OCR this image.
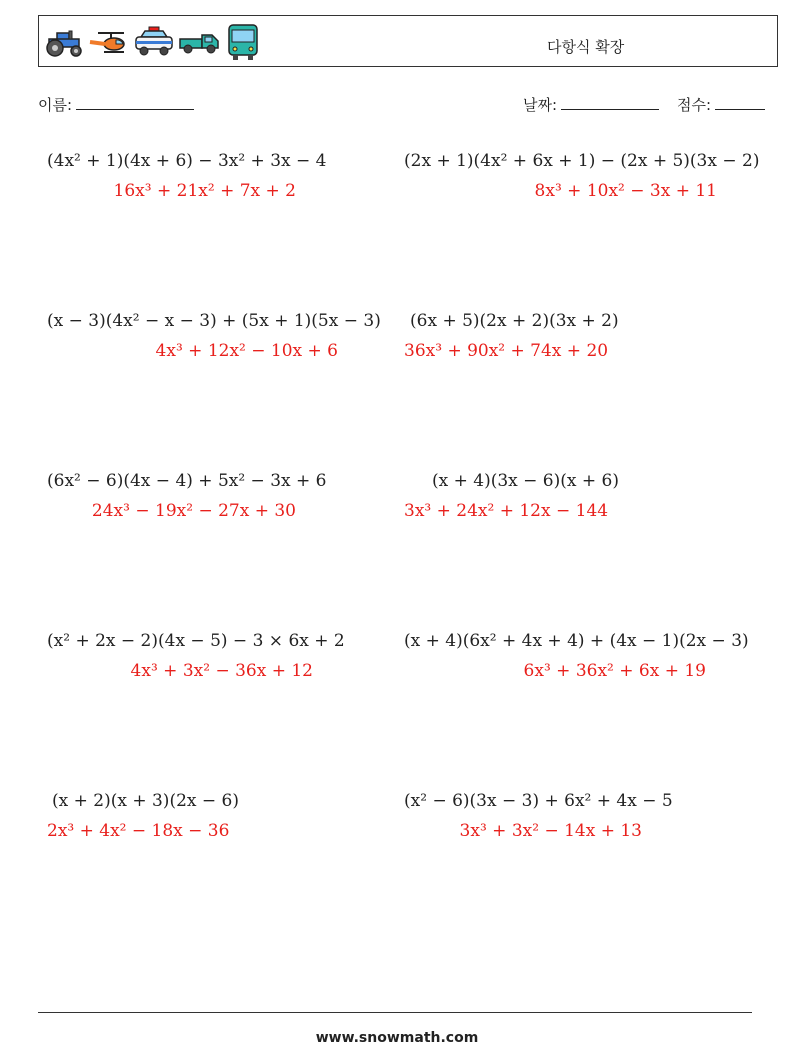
다항식 확장
이름:	날짜:	점수:
(4x² + 1)(4x + 6) − 3x² + 3x − 4
16x³ + 21x² + 7x + 2
(2x + 1)(4x² + 6x + 1) − (2x + 5)(3x − 2)
8x³ + 10x² − 3x + 11
(x − 3)(4x² − x − 3) + (5x + 1)(5x − 3)
4x³ + 12x² − 10x + 6
(6x + 5)(2x + 2)(3x + 2)
36x³ + 90x² + 74x + 20
(6x² − 6)(4x − 4) + 5x² − 3x + 6
24x³ − 19x² − 27x + 30
(x + 4)(3x − 6)(x + 6)
3x³ + 24x² + 12x − 144
(x² + 2x − 2)(4x − 5) − 3 × 6x + 2
4x³ + 3x² − 36x + 12
(x + 4)(6x² + 4x + 4) + (4x − 1)(2x − 3)
6x³ + 36x² + 6x + 19
(x + 2)(x + 3)(2x − 6)
2x³ + 4x² − 18x − 36
(x² − 6)(3x − 3) + 6x² + 4x − 5
3x³ + 3x² − 14x + 13
www.snowmath.com
